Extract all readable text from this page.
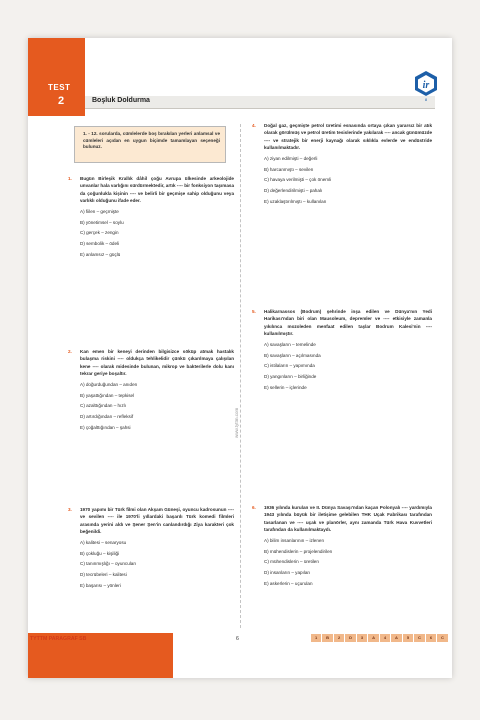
TEST
2	Boşluk Doldurma
ir
8
www.tyttm.com
1. - 12. sorularda, cümlelerde boş bırakılan yerleri anlamsal ve cümleleri açıdan en uygun biçimde tamamlayan seçeneği bulunuz.
1. Bugün Birleşik Krallık dâhil çoğu Avrupa ülkesinde arkeolojide unvanlar hala varlığını sürdürmektedir, artık ---- bir fonksiyon taşımasa da çoğunlukla kişinin ---- ve belirli bir geçmişe sahip olduğunu veya varlıklı olduğunu ifade eder.
A) fiilen – geçmişte
B) yönetimsel – soylu
C) gerçek – zengin
D) sembolik – ödeli
E) anlamsız – güçlü
2. Kan emen bir keneyi derinden bilgisizce söküp atmak hastalık bulaşma riskini ---- oldukça tehlikelidir çünkü çıkarılmaya çalışılan kene ---- olarak midesinde bulunan, mikrop ve bakterilerle dolu kanı tekrar geriye boşaltır.
A) doğurduğundan – anıden
B) yaşattığından – tepkisel
C) azalttığından – hızlı
D) artırdığından – refleksif
E) çoğalttığından – şahsi
3. 1970 yapımı bir Türk filmi olan Akşam Güneşi, oyuncu kadrosunun ---- ve sevilen ---- ile 1970'li yıllardaki başarılı Türk komedi filmleri arasında yerini aldı ve Şener Şen'in canlandırdığı Ziya karakteri çok beğenildi.
A) kalitesi – senaryosu
B) çokluğu – kişiliği
C) tanınmışlığı – oyuncuları
D) tecrübeleri – kalitesi
E) başarısı – yönleri
4. Doğal gaz, geçmişte petrol üretimi esnasında ortaya çıkan yararsız bir atık olarak görülmüş ve petrol üretim tesislerinde yakılarak ---- ancak günümüzde ---- ve stratejik bir enerji kaynağı olarak sıklıkla evlerde ve endüstride kullanılmaktadır.
A) ziyan edilmişti – değerli
B) harcanmıştı – sevilen
C) havaya verilmişti – çok önemli
D) değerlendirilmişti – pahalı
E) uzaklaştırılmıştı – kullanılan
5. Halikarnassos (Bodrum) şehrinde inşa edilen ve Dünya'nın Yedi Harikası'ndan biri olan Mausoleum, depremler ve ---- etkisiyle zamanla yıkılınca mozoleden menfaat edilen taşlar Bodrum Kalesi'nin ---- kullanılmıştır.
A) savaşların – temelinde
B) savaşların – açılmasında
C) istilaların – yapımında
D) yangınların – birliğinde
E) sellerin – içlerinde
6. 1936 yılında kurulan ve II. Dünya Savaşı'ndan kaçan Polonyalı ---- yardımıyla 1943 yılında büyük bir iletişime gelebilen THK Uçak Fabrikası tarafından tasarlanan ve ---- uçak ve planörler, aynı zamanda Türk Hava Kuvvetleri tarafından da kullanılmaktaydı.
A) bilim insanlarının – izlenen
B) mühendislerin – projelendirilen
C) mühendislerin – üretilen
D) insanların – yapılan
E) askerlerin – uçurulan
TYTTM PARAGRAF SB	6	1	B	2	D	3	A	4	A	5	C	6	C
